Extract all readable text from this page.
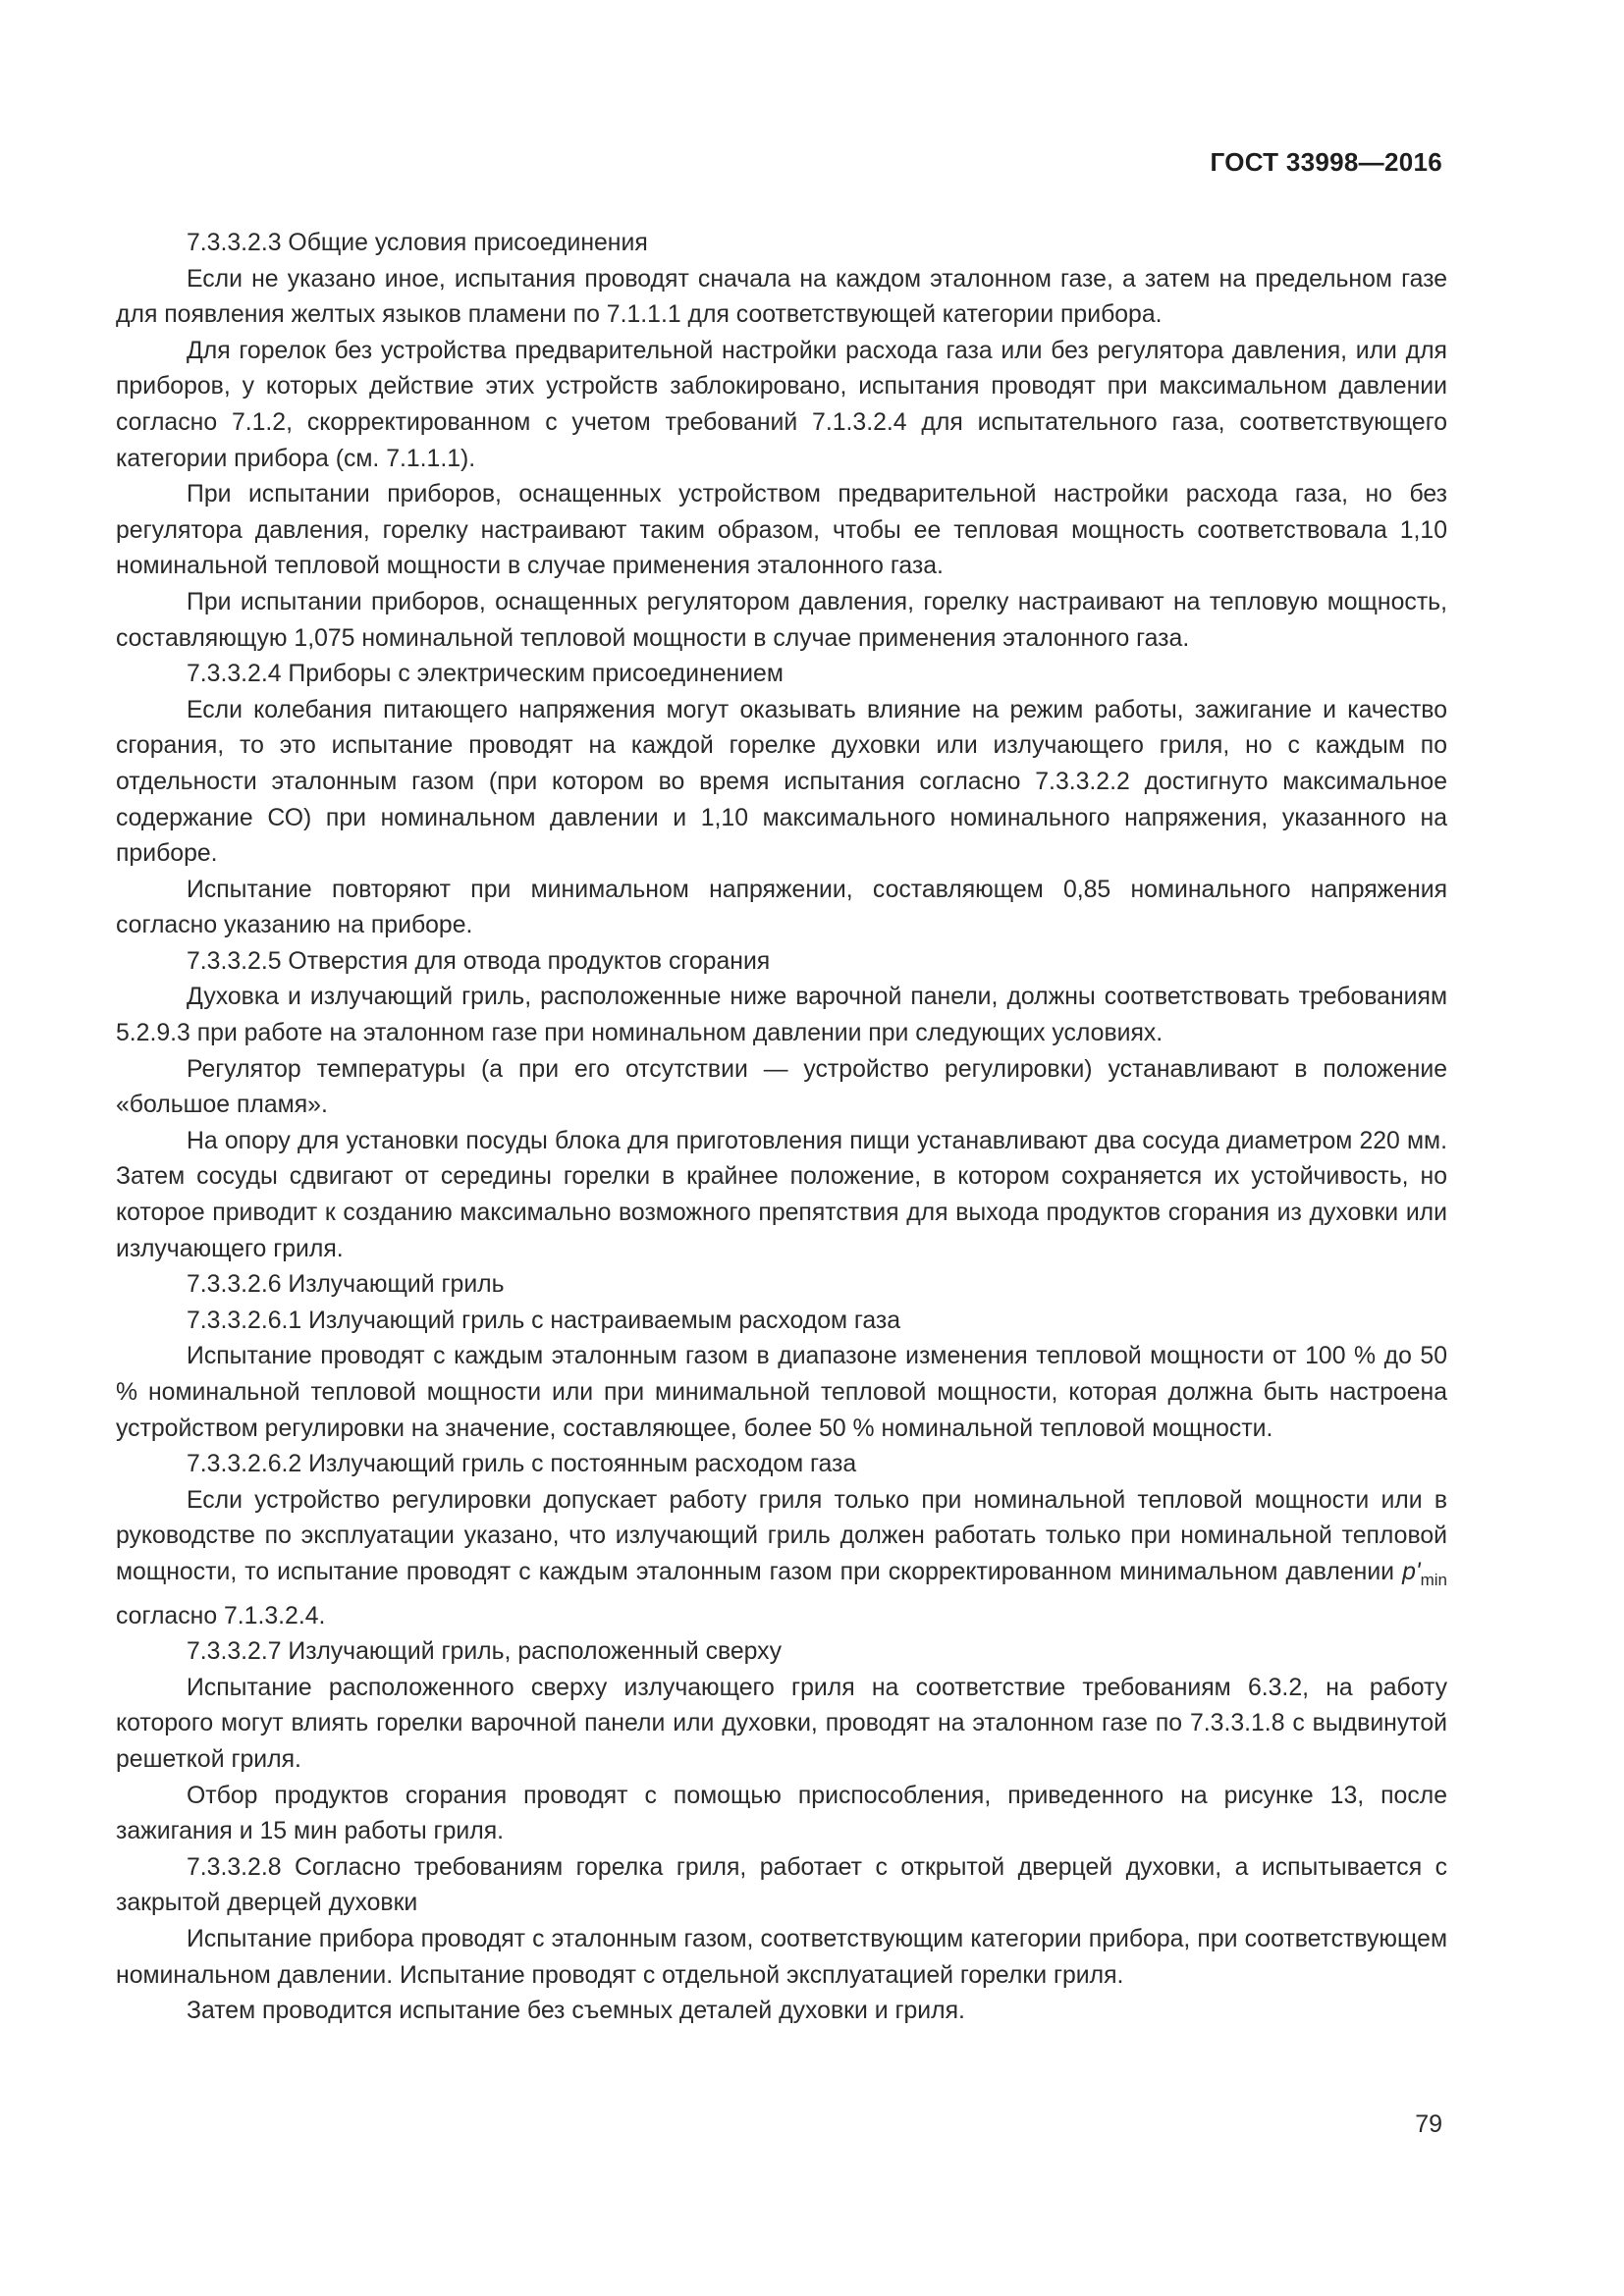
ГОСТ 33998—2016

7.3.3.2.3 Общие условия присоединения

Если не указано иное, испытания проводят сначала на каждом эталонном газе, а затем на предельном газе для появления желтых языков пламени по 7.1.1.1 для соответствующей категории прибора.

Для горелок без устройства предварительной настройки расхода газа или без регулятора давления, или для приборов, у которых действие этих устройств заблокировано, испытания проводят при максимальном давлении согласно 7.1.2, скорректированном с учетом требований 7.1.3.2.4 для испытательного газа, соответствующего категории прибора (см. 7.1.1.1).

При испытании приборов, оснащенных устройством предварительной настройки расхода газа, но без регулятора давления, горелку настраивают таким образом, чтобы ее тепловая мощность соответствовала 1,10 номинальной тепловой мощности в случае применения эталонного газа.

При испытании приборов, оснащенных регулятором давления, горелку настраивают на тепловую мощность, составляющую 1,075 номинальной тепловой мощности в случае применения эталонного газа.

7.3.3.2.4 Приборы с электрическим присоединением

Если колебания питающего напряжения могут оказывать влияние на режим работы, зажигание и качество сгорания, то это испытание проводят на каждой горелке духовки или излучающего гриля, но с каждым по отдельности эталонным газом (при котором во время испытания согласно 7.3.3.2.2 достигнуто максимальное содержание СО) при номинальном давлении и 1,10 максимального номинального напряжения, указанного на приборе.

Испытание повторяют при минимальном напряжении, составляющем 0,85 номинального напряжения согласно указанию на приборе.

7.3.3.2.5 Отверстия для отвода продуктов сгорания

Духовка и излучающий гриль, расположенные ниже варочной панели, должны соответствовать требованиям 5.2.9.3 при работе на эталонном газе при номинальном давлении при следующих условиях.

Регулятор температуры (а при его отсутствии — устройство регулировки) устанавливают в положение «большое пламя».

На опору для установки посуды блока для приготовления пищи устанавливают два сосуда диаметром 220 мм. Затем сосуды сдвигают от середины горелки в крайнее положение, в котором сохраняется их устойчивость, но которое приводит к созданию максимально возможного препятствия для выхода продуктов сгорания из духовки или излучающего гриля.

7.3.3.2.6 Излучающий гриль

7.3.3.2.6.1 Излучающий гриль с настраиваемым расходом газа

Испытание проводят с каждым эталонным газом в диапазоне изменения тепловой мощности от 100 % до 50 % номинальной тепловой мощности или при минимальной тепловой мощности, которая должна быть настроена устройством регулировки на значение, составляющее, более 50 % номинальной тепловой мощности.

7.3.3.2.6.2 Излучающий гриль с постоянным расходом газа

Если устройство регулировки допускает работу гриля только при номинальной тепловой мощности или в руководстве по эксплуатации указано, что излучающий гриль должен работать только при номинальной тепловой мощности, то испытание проводят с каждым эталонным газом при скорректированном минимальном давлении $p'_{min}$ согласно 7.1.3.2.4.

7.3.3.2.7 Излучающий гриль, расположенный сверху

Испытание расположенного сверху излучающего гриля на соответствие требованиям 6.3.2, на работу которого могут влиять горелки варочной панели или духовки, проводят на эталонном газе по 7.3.3.1.8 с выдвинутой решеткой гриля.

Отбор продуктов сгорания проводят с помощью приспособления, приведенного на рисунке 13, после зажигания и 15 мин работы гриля.

7.3.3.2.8 Согласно требованиям горелка гриля, работает с открытой дверцей духовки, а испытывается с закрытой дверцей духовки

Испытание прибора проводят с эталонным газом, соответствующим категории прибора, при соответствующем номинальном давлении. Испытание проводят с отдельной эксплуатацией горелки гриля.

Затем проводится испытание без съемных деталей духовки и гриля.

79
